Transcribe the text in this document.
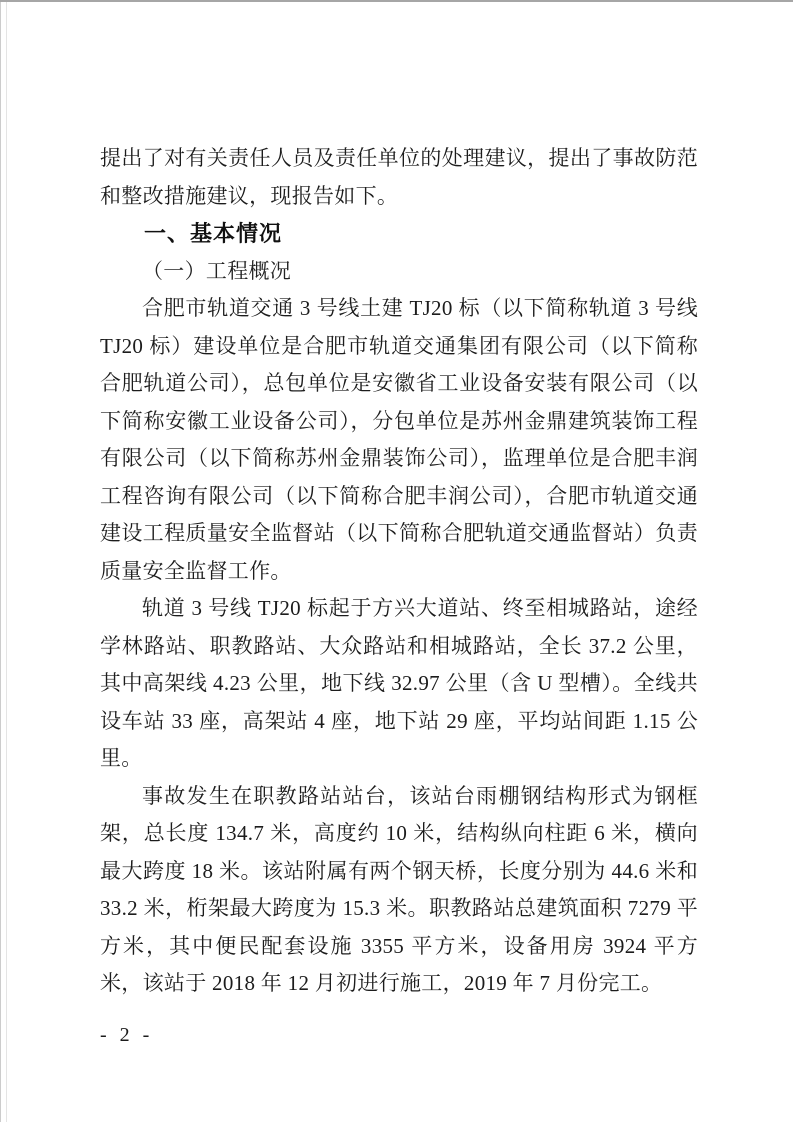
提出了对有关责任人员及责任单位的处理建议，提出了事故防范和整改措施建议，现报告如下。

一、基本情况

（一）工程概况

合肥市轨道交通 3 号线土建 TJ20 标（以下简称轨道 3 号线 TJ20 标）建设单位是合肥市轨道交通集团有限公司（以下简称合肥轨道公司），总包单位是安徽省工业设备安装有限公司（以下简称安徽工业设备公司），分包单位是苏州金鼎建筑装饰工程有限公司（以下简称苏州金鼎装饰公司），监理单位是合肥丰润工程咨询有限公司（以下简称合肥丰润公司），合肥市轨道交通建设工程质量安全监督站（以下简称合肥轨道交通监督站）负责质量安全监督工作。

轨道 3 号线 TJ20 标起于方兴大道站、终至相城路站，途经学林路站、职教路站、大众路站和相城路站，全长 37.2 公里，其中高架线 4.23 公里，地下线 32.97 公里（含 U 型槽）。全线共设车站 33 座，高架站 4 座，地下站 29 座，平均站间距 1.15 公里。

事故发生在职教路站站台，该站台雨棚钢结构形式为钢框架，总长度 134.7 米，高度约 10 米，结构纵向柱距 6 米，横向最大跨度 18 米。该站附属有两个钢天桥，长度分别为 44.6 米和 33.2 米，桁架最大跨度为 15.3 米。职教路站总建筑面积 7279 平方米，其中便民配套设施 3355 平方米，设备用房 3924 平方米，该站于 2018 年 12 月初进行施工，2019 年 7 月份完工。

- 2 -
